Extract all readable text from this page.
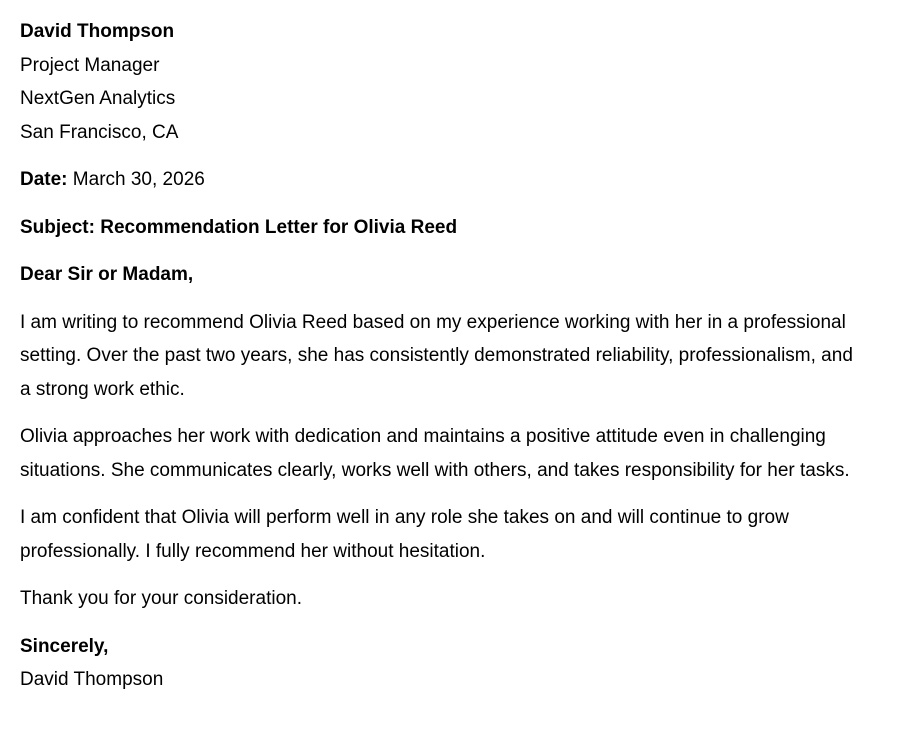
David Thompson
Project Manager
NextGen Analytics
San Francisco, CA
Date: March 30, 2026
Subject: Recommendation Letter for Olivia Reed
Dear Sir or Madam,
I am writing to recommend Olivia Reed based on my experience working with her in a professional setting. Over the past two years, she has consistently demonstrated reliability, professionalism, and a strong work ethic.
Olivia approaches her work with dedication and maintains a positive attitude even in challenging situations. She communicates clearly, works well with others, and takes responsibility for her tasks.
I am confident that Olivia will perform well in any role she takes on and will continue to grow professionally. I fully recommend her without hesitation.
Thank you for your consideration.
Sincerely,
David Thompson
